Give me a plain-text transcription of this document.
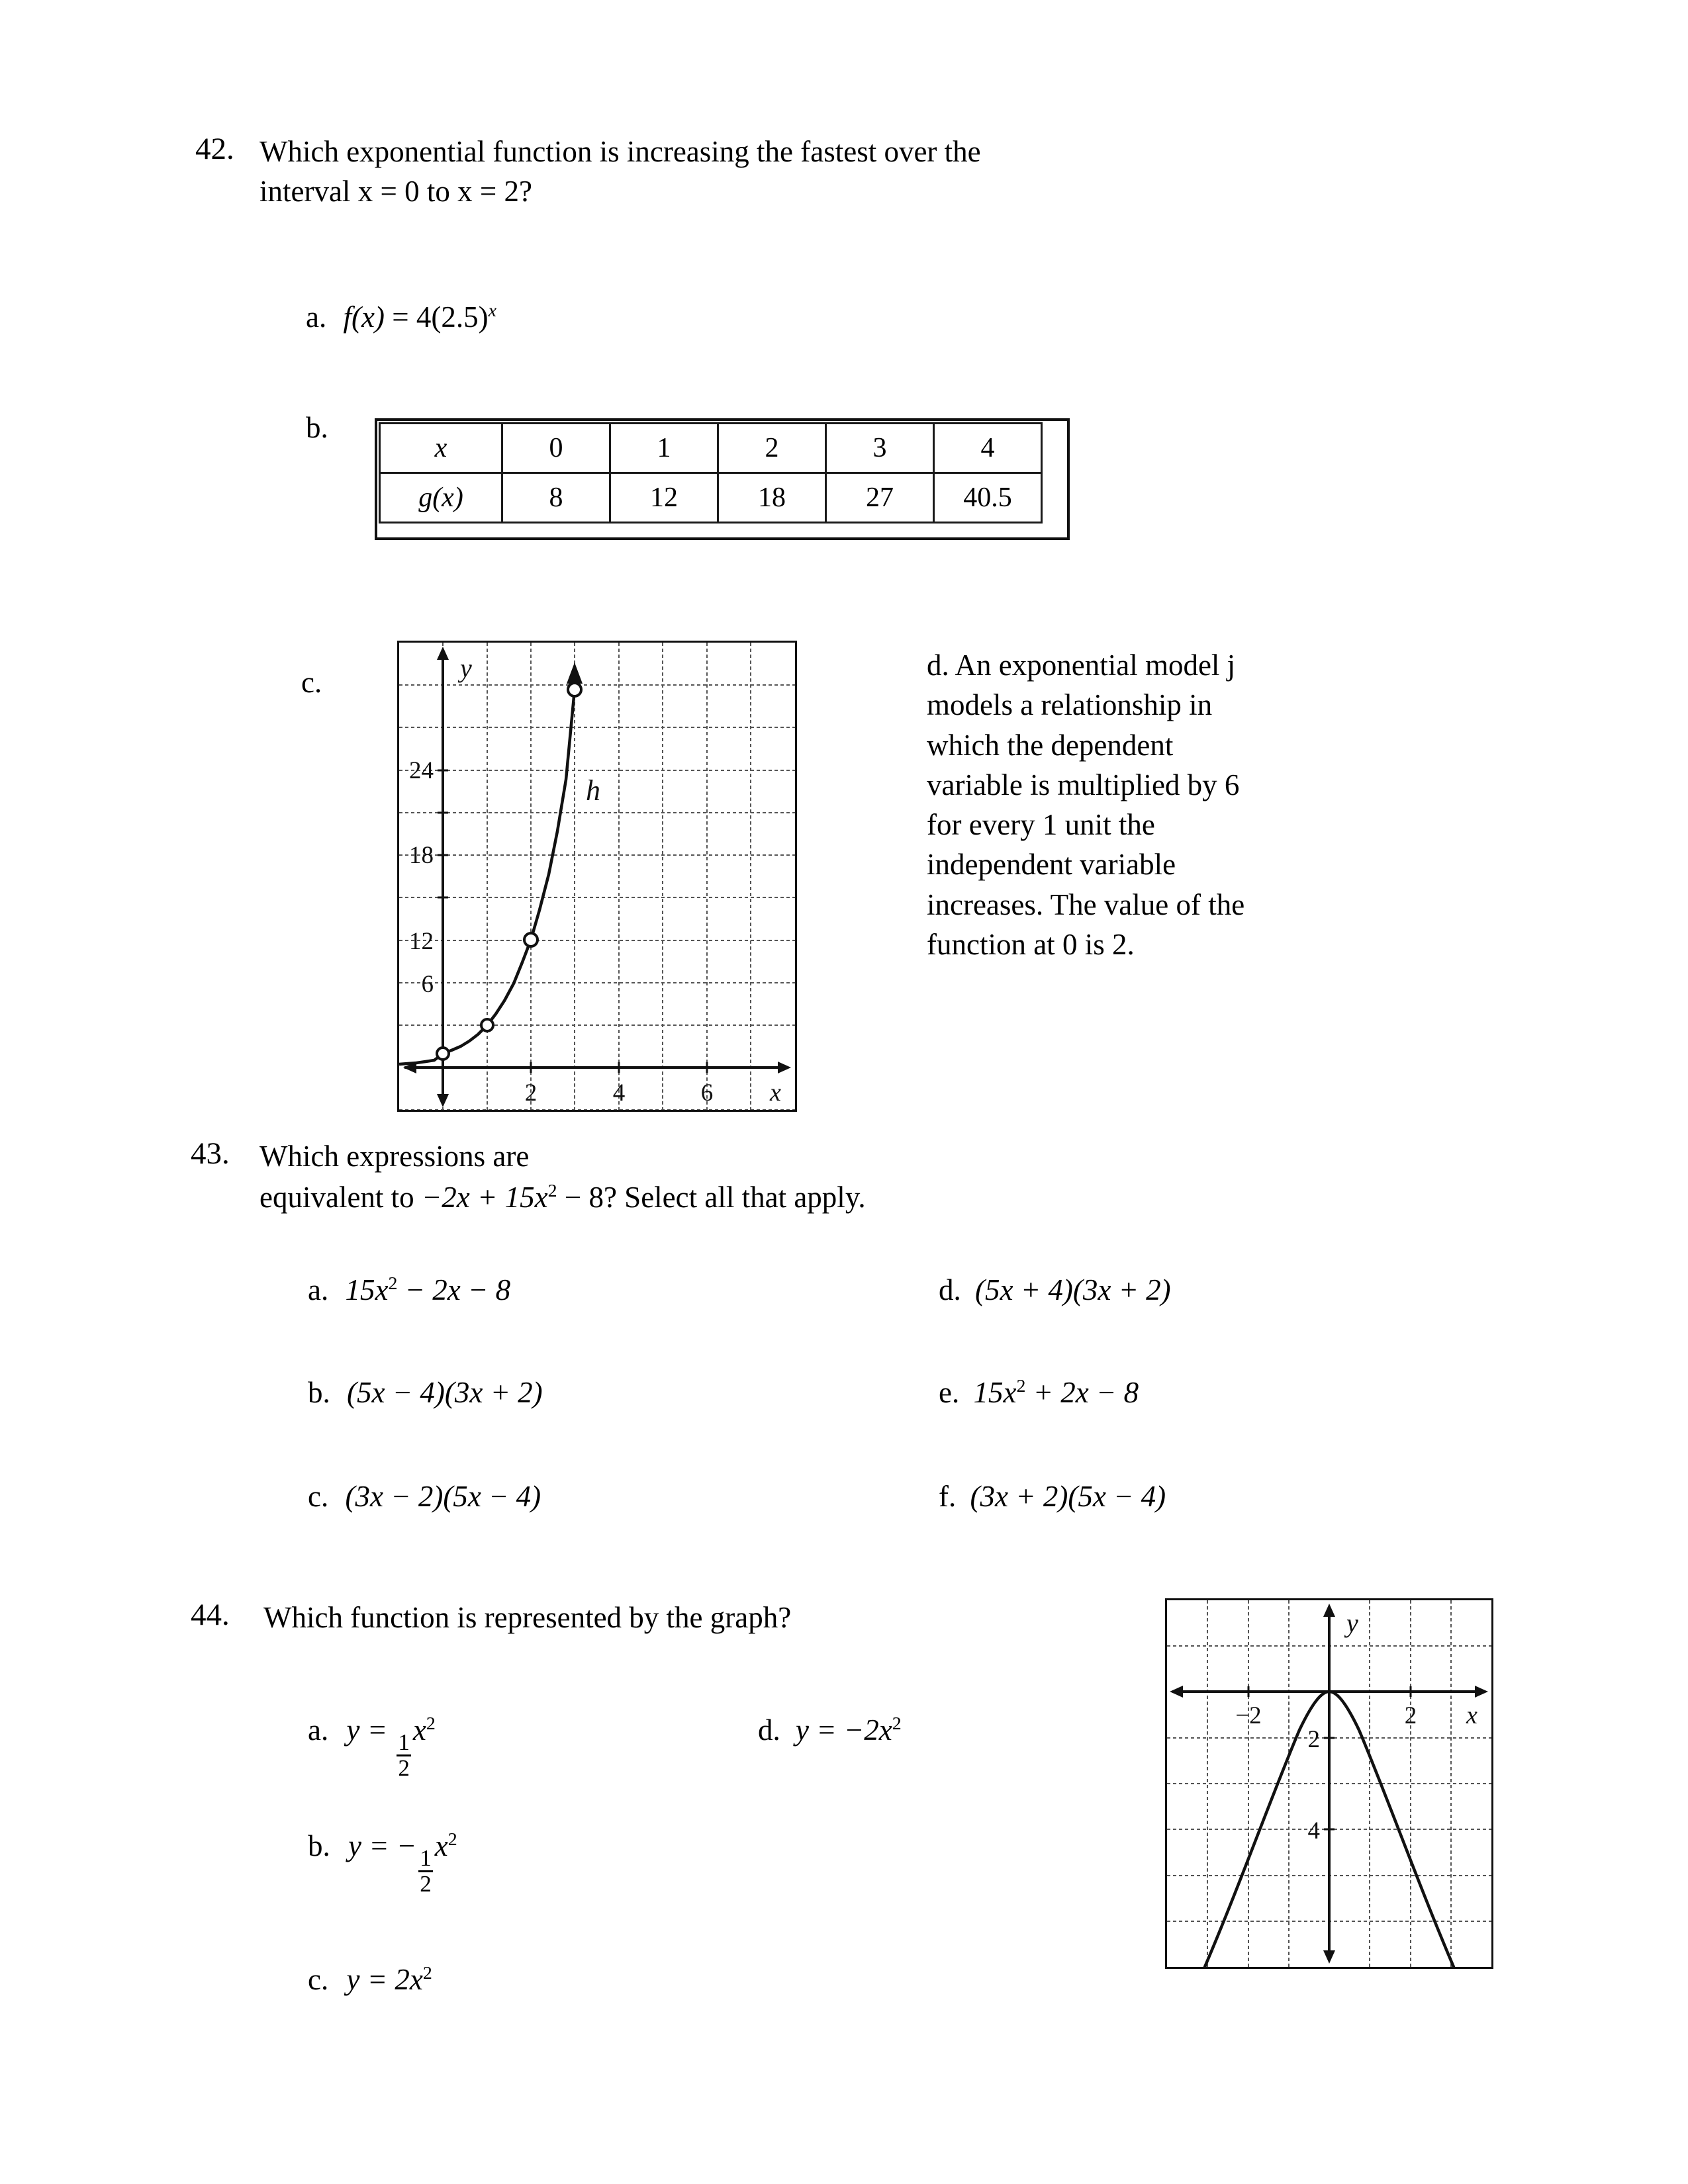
42. Which exponential function is increasing the fastest over the
interval x = 0 to x = 2?
a. $f(x) = 4(2.5)^x$
b.
x	0	1	2	3	4
g(x)	8	12	18	27	40.5
c.
6
12
18
24
2	4	6
y
x
h
d. An exponential model j
models a relationship in
which the dependent
variable is multiplied by 6
for every 1 unit the
independent variable
increases. The value of the
function at 0 is 2.
43.	Which expressions are
equivalent to $-2x + 15x^2 - 8$? Select all that apply.
a. $15x^2 - 2x - 8$
b. (5x − 4)(3x + 2)
c. (3x − 2)(5x − 4)
d. (5x + 4)(3x + 2)
e. $15x^2 + 2x - 8$
f. (3x + 2)(5x − 4)
44.	Which function is represented by the graph?
a. y =
$\frac{1}{2}$
$x^2$
b. y = −
$\frac{1}{2}$
$x^2$
c. $y = 2x^2$
d. $y = -2x^2$	−2	2
2
4
y
x
